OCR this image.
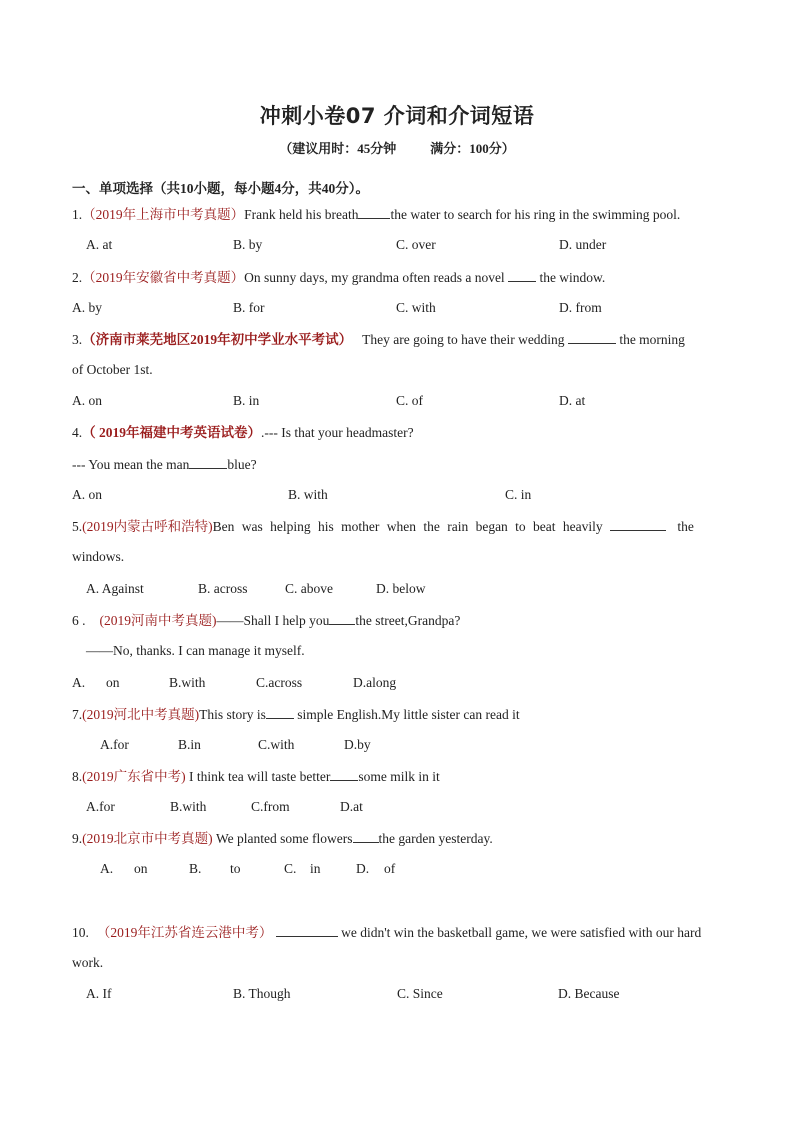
冲刺小卷07 介词和介词短语
（建议用时：45分钟	满分：100分）
一、单项选择（共10小题，每小题4分，共40分）。
1.（2019年上海市中考真题）Frank held his breath the water to search for his ring in the swimming pool.
A. at	B. by	C. over	D. under
2.（2019年安徽省中考真题）On sunny days, my grandma often reads a novel  the window.
A. by	B. for	C. with	D. from
3.（济南市莱芜地区2019年初中学业水平考试） They are going to have their wedding	the morning
of October 1st.
A. on	B. in	C. of	D. at
4.（ 2019年福建中考英语试卷）.--- Is that your headmaster?
--- You mean the man	blue?
A. on	B. with	C. in
5.(2019内蒙古呼和浩特)Ben was helping his mother when the rain began to beat heavily	the
windows.
A. Against	B. across	C. above	D. below
6 . (2019河南中考真题)——Shall I help you the street,Grandpa?
——No, thanks. I can manage it myself.
A. on	B.with	C.across	D.along
7.(2019河北中考真题)This story is simple English.My little sister can read it
A.for	B.in	C.with	D.by
8.(2019广东省中考) I think tea will taste better some milk in it
A.for	B.with	C.from	D.at
9.(2019北京市中考真题) We planted some flowers the garden yesterday.
A. on	B. to	C. in	D. of
10. （2019年江苏省连云港中考）	we didn't win the basketball game, we were satisfied with our hard
work.
A. If	B. Though	C. Since	D. Because
